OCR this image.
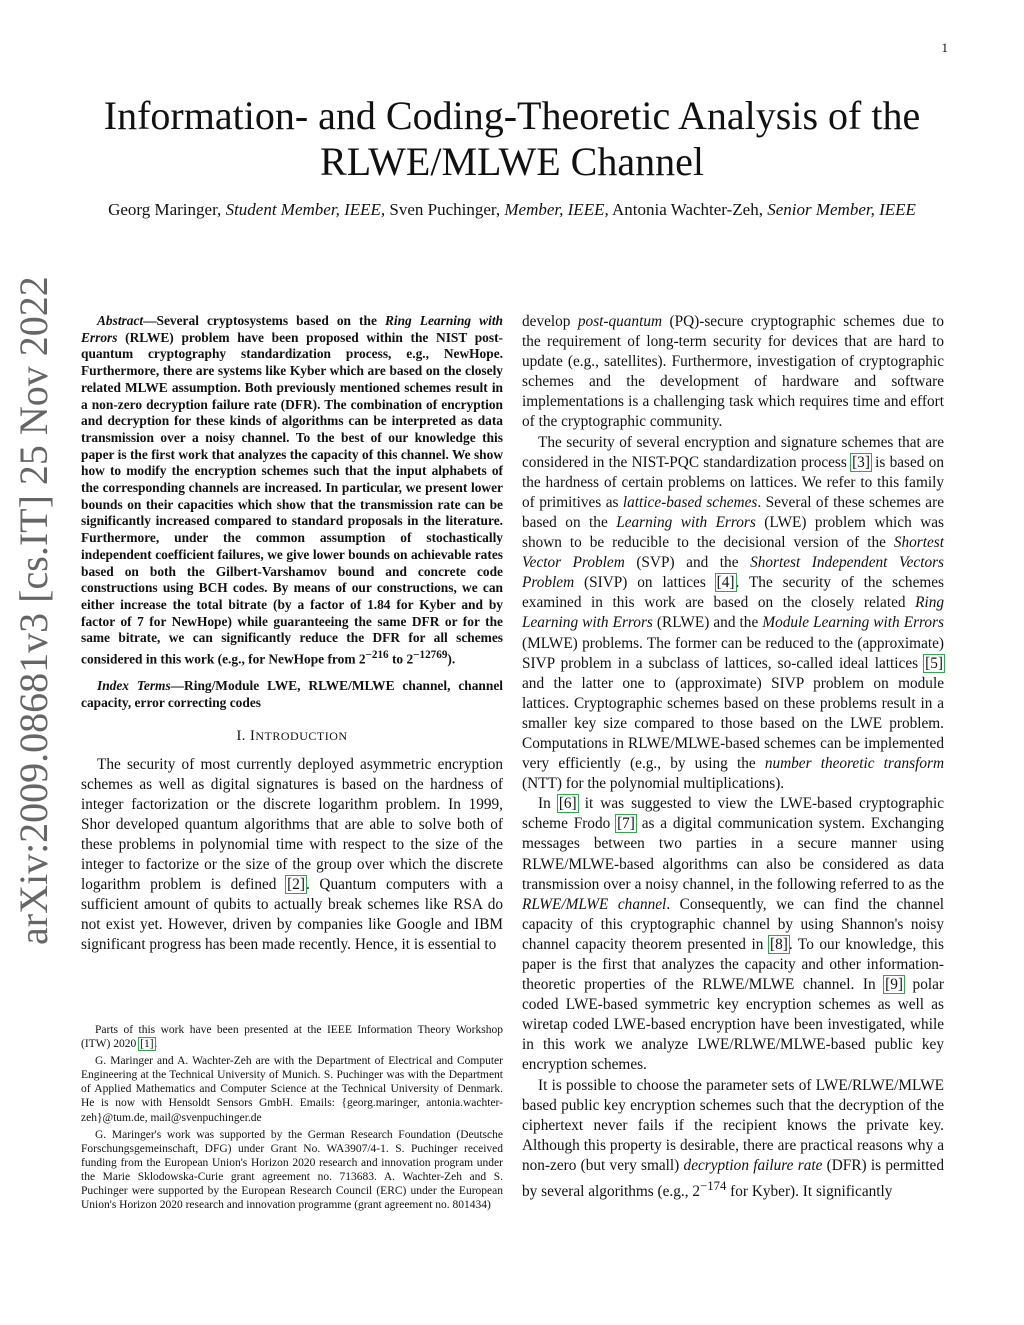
1
arXiv:2009.08681v3 [cs.IT] 25 Nov 2022
Information- and Coding-Theoretic Analysis of the RLWE/MLWE Channel
Georg Maringer, Student Member, IEEE, Sven Puchinger, Member, IEEE, Antonia Wachter-Zeh, Senior Member, IEEE

Abstract—Several cryptosystems based on the Ring Learning with Errors (RLWE) problem have been proposed within the NIST post-quantum cryptography standardization process, e.g., NewHope. Furthermore, there are systems like Kyber which are based on the closely related MLWE assumption. Both previously mentioned schemes result in a non-zero decryption failure rate (DFR). The combination of encryption and decryption for these kinds of algorithms can be interpreted as data transmission over a noisy channel. To the best of our knowledge this paper is the first work that analyzes the capacity of this channel. We show how to modify the encryption schemes such that the input alphabets of the corresponding channels are increased. In particular, we present lower bounds on their capacities which show that the transmission rate can be significantly increased compared to standard proposals in the literature. Furthermore, under the common assumption of stochastically independent coefficient failures, we give lower bounds on achievable rates based on both the Gilbert-Varshamov bound and concrete code constructions using BCH codes. By means of our constructions, we can either increase the total bitrate (by a factor of 1.84 for Kyber and by factor of 7 for NewHope) while guaranteeing the same DFR or for the same bitrate, we can significantly reduce the DFR for all schemes considered in this work (e.g., for NewHope from $2^{-216}$ to $2^{-12769}$).

Index Terms—Ring/Module LWE, RLWE/MLWE channel, channel capacity, error correcting codes

I. INTRODUCTION

The security of most currently deployed asymmetric encryption schemes as well as digital signatures is based on the hardness of integer factorization or the discrete logarithm problem. In 1999, Shor developed quantum algorithms that are able to solve both of these problems in polynomial time with respect to the size of the integer to factorize or the size of the group over which the discrete logarithm problem is defined [2]. Quantum computers with a sufficient amount of qubits to actually break schemes like RSA do not exist yet. However, driven by companies like Google and IBM significant progress has been made recently. Hence, it is essential to

Parts of this work have been presented at the IEEE Information Theory Workshop (ITW) 2020 [1].

G. Maringer and A. Wachter-Zeh are with the Department of Electrical and Computer Engineering at the Technical University of Munich. S. Puchinger was with the Department of Applied Mathematics and Computer Science at the Technical University of Denmark. He is now with Hensoldt Sensors GmbH. Emails: {georg.maringer, antonia.wachter-zeh}@tum.de, mail@svenpuchinger.de

G. Maringer's work was supported by the German Research Foundation (Deutsche Forschungsgemeinschaft, DFG) under Grant No. WA3907/4-1. S. Puchinger received funding from the European Union's Horizon 2020 research and innovation program under the Marie Sklodowska-Curie grant agreement no. 713683. A. Wachter-Zeh and S. Puchinger were supported by the European Research Council (ERC) under the European Union's Horizon 2020 research and innovation programme (grant agreement no. 801434)

develop post-quantum (PQ)-secure cryptographic schemes due to the requirement of long-term security for devices that are hard to update (e.g., satellites). Furthermore, investigation of cryptographic schemes and the development of hardware and software implementations is a challenging task which requires time and effort of the cryptographic community.

The security of several encryption and signature schemes that are considered in the NIST-PQC standardization process [3] is based on the hardness of certain problems on lattices. We refer to this family of primitives as lattice-based schemes. Several of these schemes are based on the Learning with Errors (LWE) problem which was shown to be reducible to the decisional version of the Shortest Vector Problem (SVP) and the Shortest Independent Vectors Problem (SIVP) on lattices [4]. The security of the schemes examined in this work are based on the closely related Ring Learning with Errors (RLWE) and the Module Learning with Errors (MLWE) problems. The former can be reduced to the (approximate) SIVP problem in a subclass of lattices, so-called ideal lattices [5] and the latter one to (approximate) SIVP problem on module lattices. Cryptographic schemes based on these problems result in a smaller key size compared to those based on the LWE problem. Computations in RLWE/MLWE-based schemes can be implemented very efficiently (e.g., by using the number theoretic transform (NTT) for the polynomial multiplications).

In [6] it was suggested to view the LWE-based cryptographic scheme Frodo [7] as a digital communication system. Exchanging messages between two parties in a secure manner using RLWE/MLWE-based algorithms can also be considered as data transmission over a noisy channel, in the following referred to as the RLWE/MLWE channel. Consequently, we can find the channel capacity of this cryptographic channel by using Shannon's noisy channel capacity theorem presented in [8]. To our knowledge, this paper is the first that analyzes the capacity and other information-theoretic properties of the RLWE/MLWE channel. In [9] polar coded LWE-based symmetric key encryption schemes as well as wiretap coded LWE-based encryption have been investigated, while in this work we analyze LWE/RLWE/MLWE-based public key encryption schemes.

It is possible to choose the parameter sets of LWE/RLWE/MLWE based public key encryption schemes such that the decryption of the ciphertext never fails if the recipient knows the private key. Although this property is desirable, there are practical reasons why a non-zero (but very small) decryption failure rate (DFR) is permitted by several algorithms (e.g., $2^{-174}$ for Kyber). It significantly
